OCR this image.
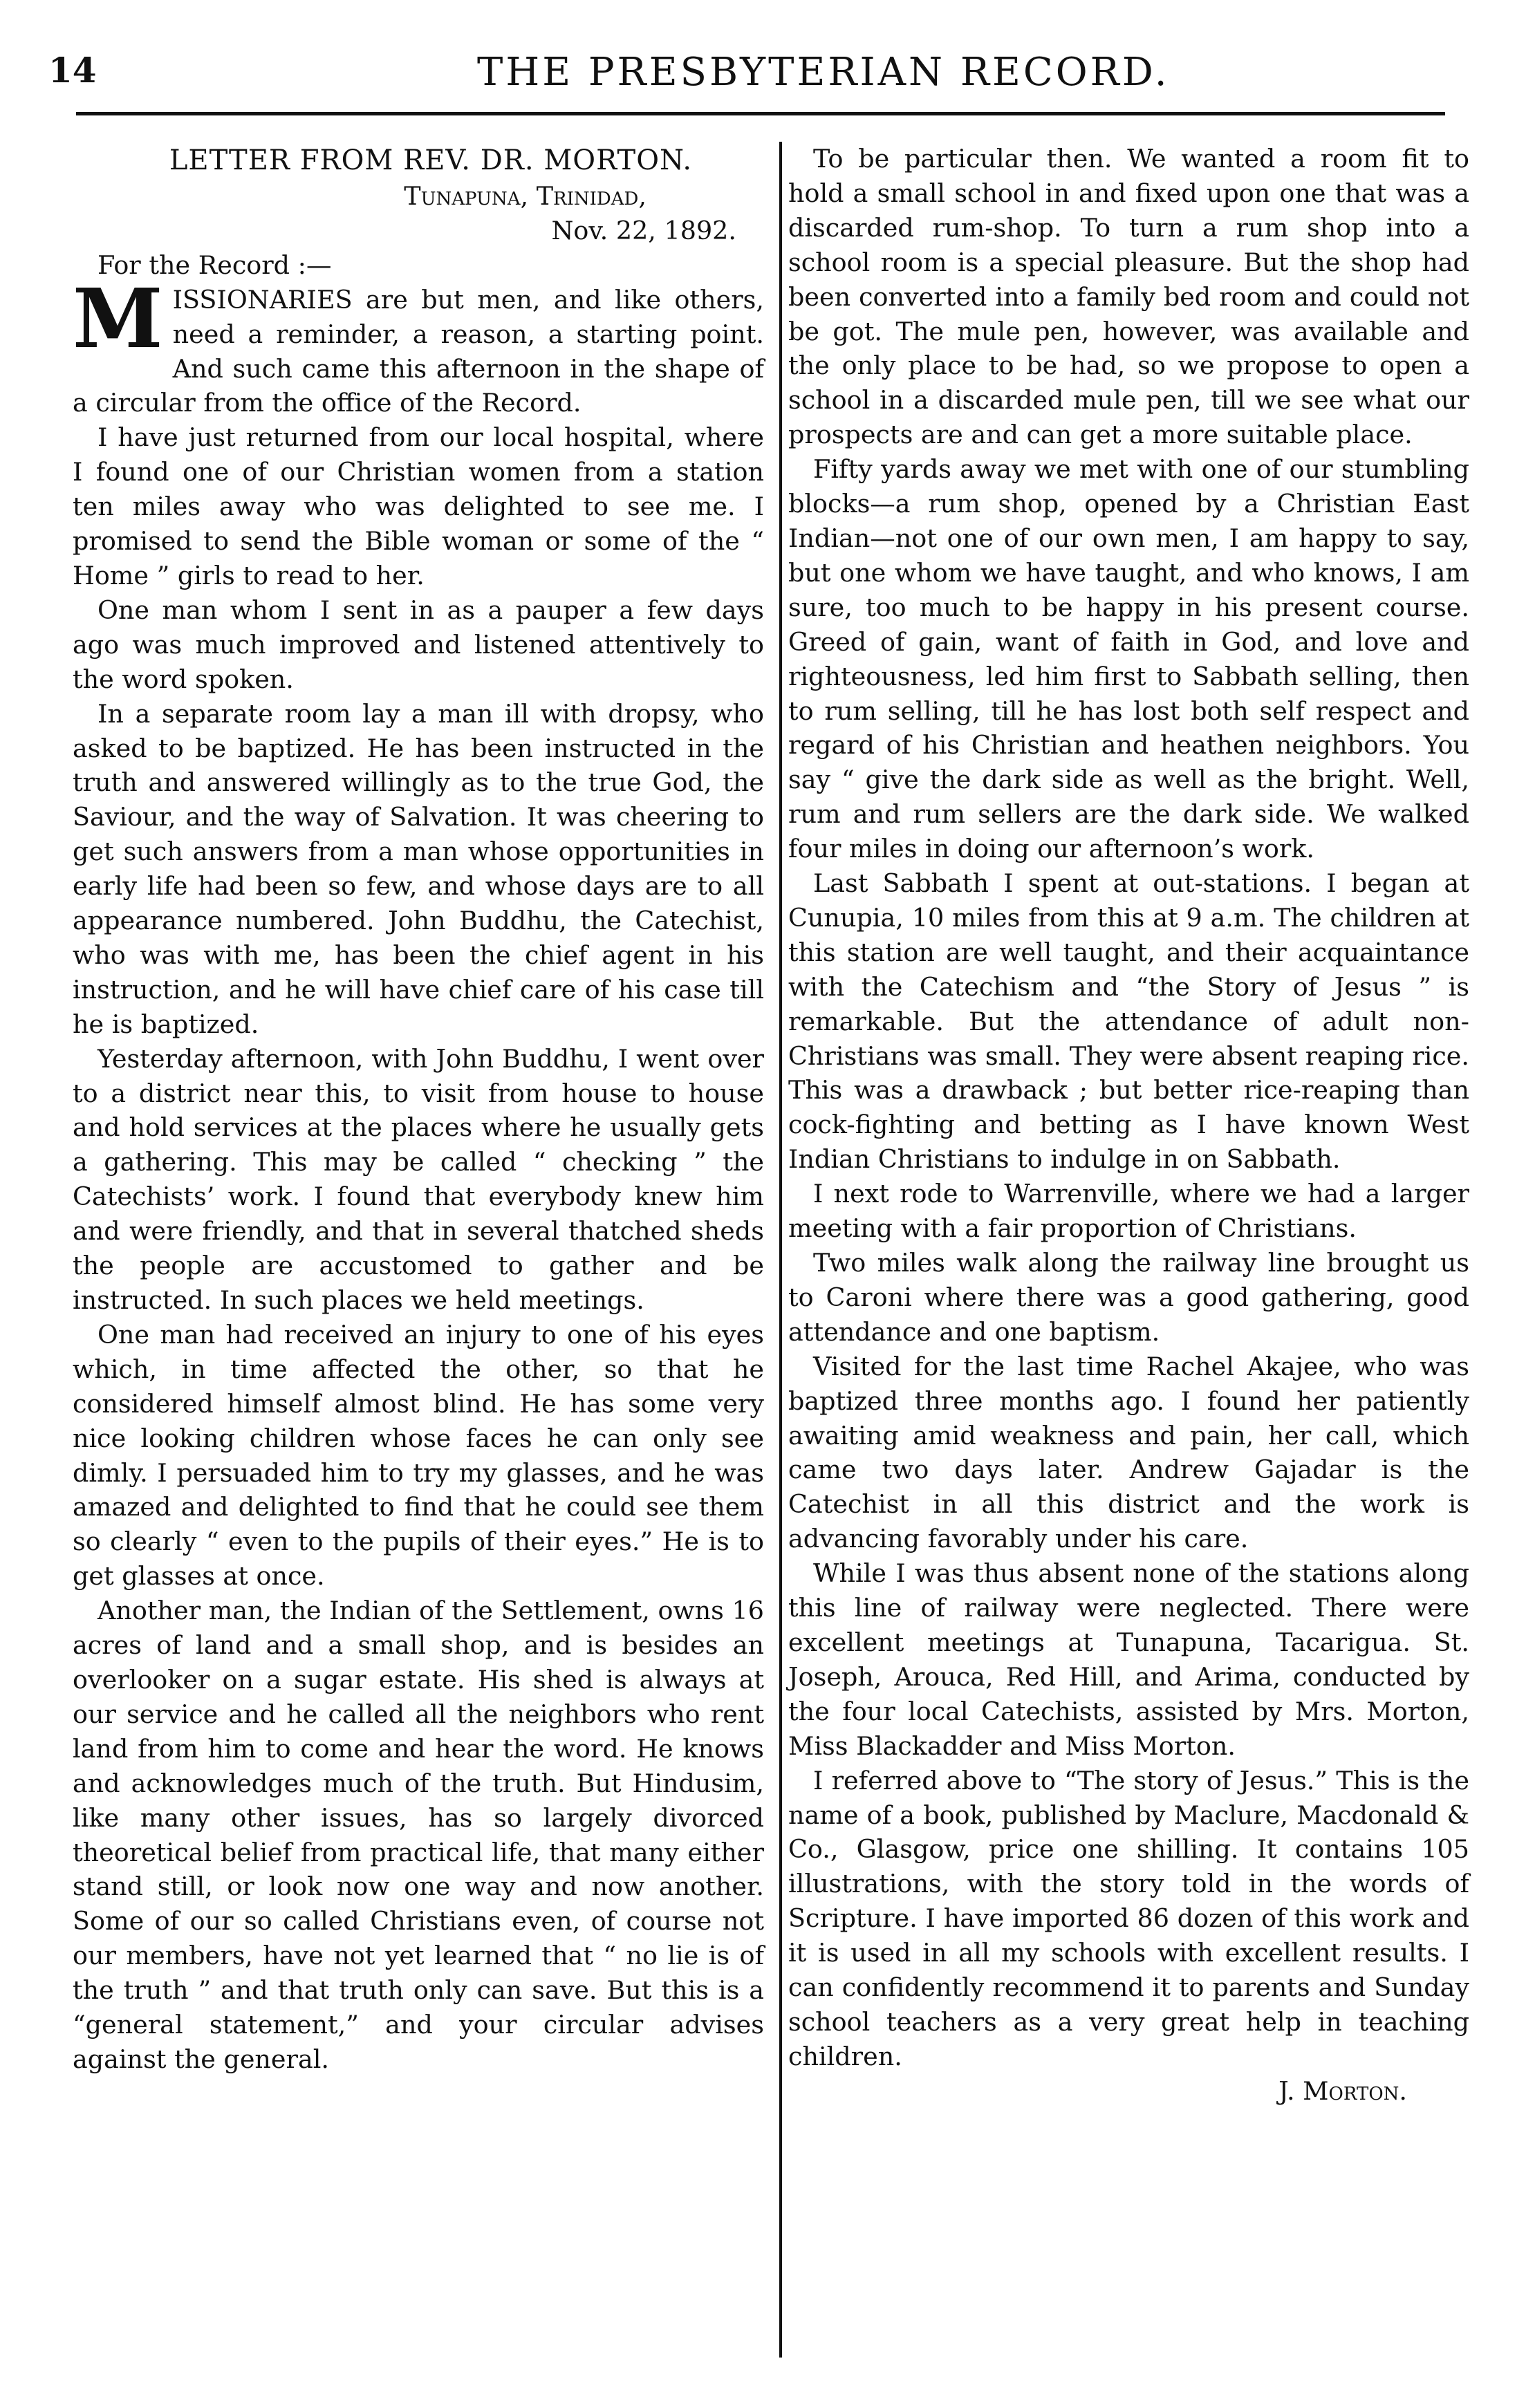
14	THE PRESBYTERIAN RECORD.

LETTER FROM REV. DR. MORTON.

Tunapuna, Trinidad,

Nov. 22, 1892.

For the Record :—

MISSIONARIES are but men, and like others, need a reminder, a reason, a starting point. And such came this afternoon in the shape of a circular from the office of the Record.

I have just returned from our local hospital, where I found one of our Christian women from a station ten miles away who was delighted to see me. I promised to send the Bible woman or some of the “ Home ” girls to read to her.

One man whom I sent in as a pauper a few days ago was much improved and listened attentively to the word spoken.

In a separate room lay a man ill with dropsy, who asked to be baptized. He has been instructed in the truth and answered willingly as to the true God, the Saviour, and the way of Salvation. It was cheering to get such answers from a man whose opportunities in early life had been so few, and whose days are to all appearance numbered. John Buddhu, the Catechist, who was with me, has been the chief agent in his instruction, and he will have chief care of his case till he is baptized.

Yesterday afternoon, with John Buddhu, I went over to a district near this, to visit from house to house and hold services at the places where he usually gets a gathering. This may be called “ checking ” the Catechists’ work. I found that everybody knew him and were friendly, and that in several thatched sheds the people are accustomed to gather and be instructed. In such places we held meetings.

One man had received an injury to one of his eyes which, in time affected the other, so that he considered himself almost blind. He has some very nice looking children whose faces he can only see dimly. I persuaded him to try my glasses, and he was amazed and delighted to find that he could see them so clearly “ even to the pupils of their eyes.” He is to get glasses at once.

Another man, the Indian of the Settlement, owns 16 acres of land and a small shop, and is besides an overlooker on a sugar estate. His shed is always at our service and he called all the neighbors who rent land from him to come and hear the word. He knows and acknowledges much of the truth. But Hindusim, like many other issues, has so largely divorced theoretical belief from practical life, that many either stand still, or look now one way and now another. Some of our so called Christians even, of course not our members, have not yet learned that “ no lie is of the truth ” and that truth only can save. But this is a “general statement,” and your circular advises against the general.

To be particular then. We wanted a room fit to hold a small school in and fixed upon one that was a discarded rum-shop. To turn a rum shop into a school room is a special pleasure. But the shop had been converted into a family bed room and could not be got. The mule pen, however, was available and the only place to be had, so we propose to open a school in a discarded mule pen, till we see what our prospects are and can get a more suitable place.

Fifty yards away we met with one of our stumbling blocks—a rum shop, opened by a Christian East Indian—not one of our own men, I am happy to say, but one whom we have taught, and who knows, I am sure, too much to be happy in his present course. Greed of gain, want of faith in God, and love and righteousness, led him first to Sabbath selling, then to rum selling, till he has lost both self respect and regard of his Christian and heathen neighbors. You say “ give the dark side as well as the bright. Well, rum and rum sellers are the dark side. We walked four miles in doing our afternoon’s work.

Last Sabbath I spent at out-stations. I began at Cunupia, 10 miles from this at 9 a.m. The children at this station are well taught, and their acquaintance with the Catechism and “the Story of Jesus ” is remarkable. But the attendance of adult non-Christians was small. They were absent reaping rice. This was a drawback ; but better rice-reaping than cock-fighting and betting as I have known West Indian Christians to indulge in on Sabbath.

I next rode to Warrenville, where we had a larger meeting with a fair proportion of Christians.

Two miles walk along the railway line brought us to Caroni where there was a good gathering, good attendance and one baptism.

Visited for the last time Rachel Akajee, who was baptized three months ago. I found her patiently awaiting amid weakness and pain, her call, which came two days later. Andrew Gajadar is the Catechist in all this district and the work is advancing favorably under his care.

While I was thus absent none of the stations along this line of railway were neglected. There were excellent meetings at Tunapuna, Tacarigua. St. Joseph, Arouca, Red Hill, and Arima, conducted by the four local Catechists, assisted by Mrs. Morton, Miss Blackadder and Miss Morton.

I referred above to “The story of Jesus.” This is the name of a book, published by Maclure, Macdonald & Co., Glasgow, price one shilling. It contains 105 illustrations, with the story told in the words of Scripture. I have imported 86 dozen of this work and it is used in all my schools with excellent results. I can confidently recommend it to parents and Sunday school teachers as a very great help in teaching children.

J. Morton.
